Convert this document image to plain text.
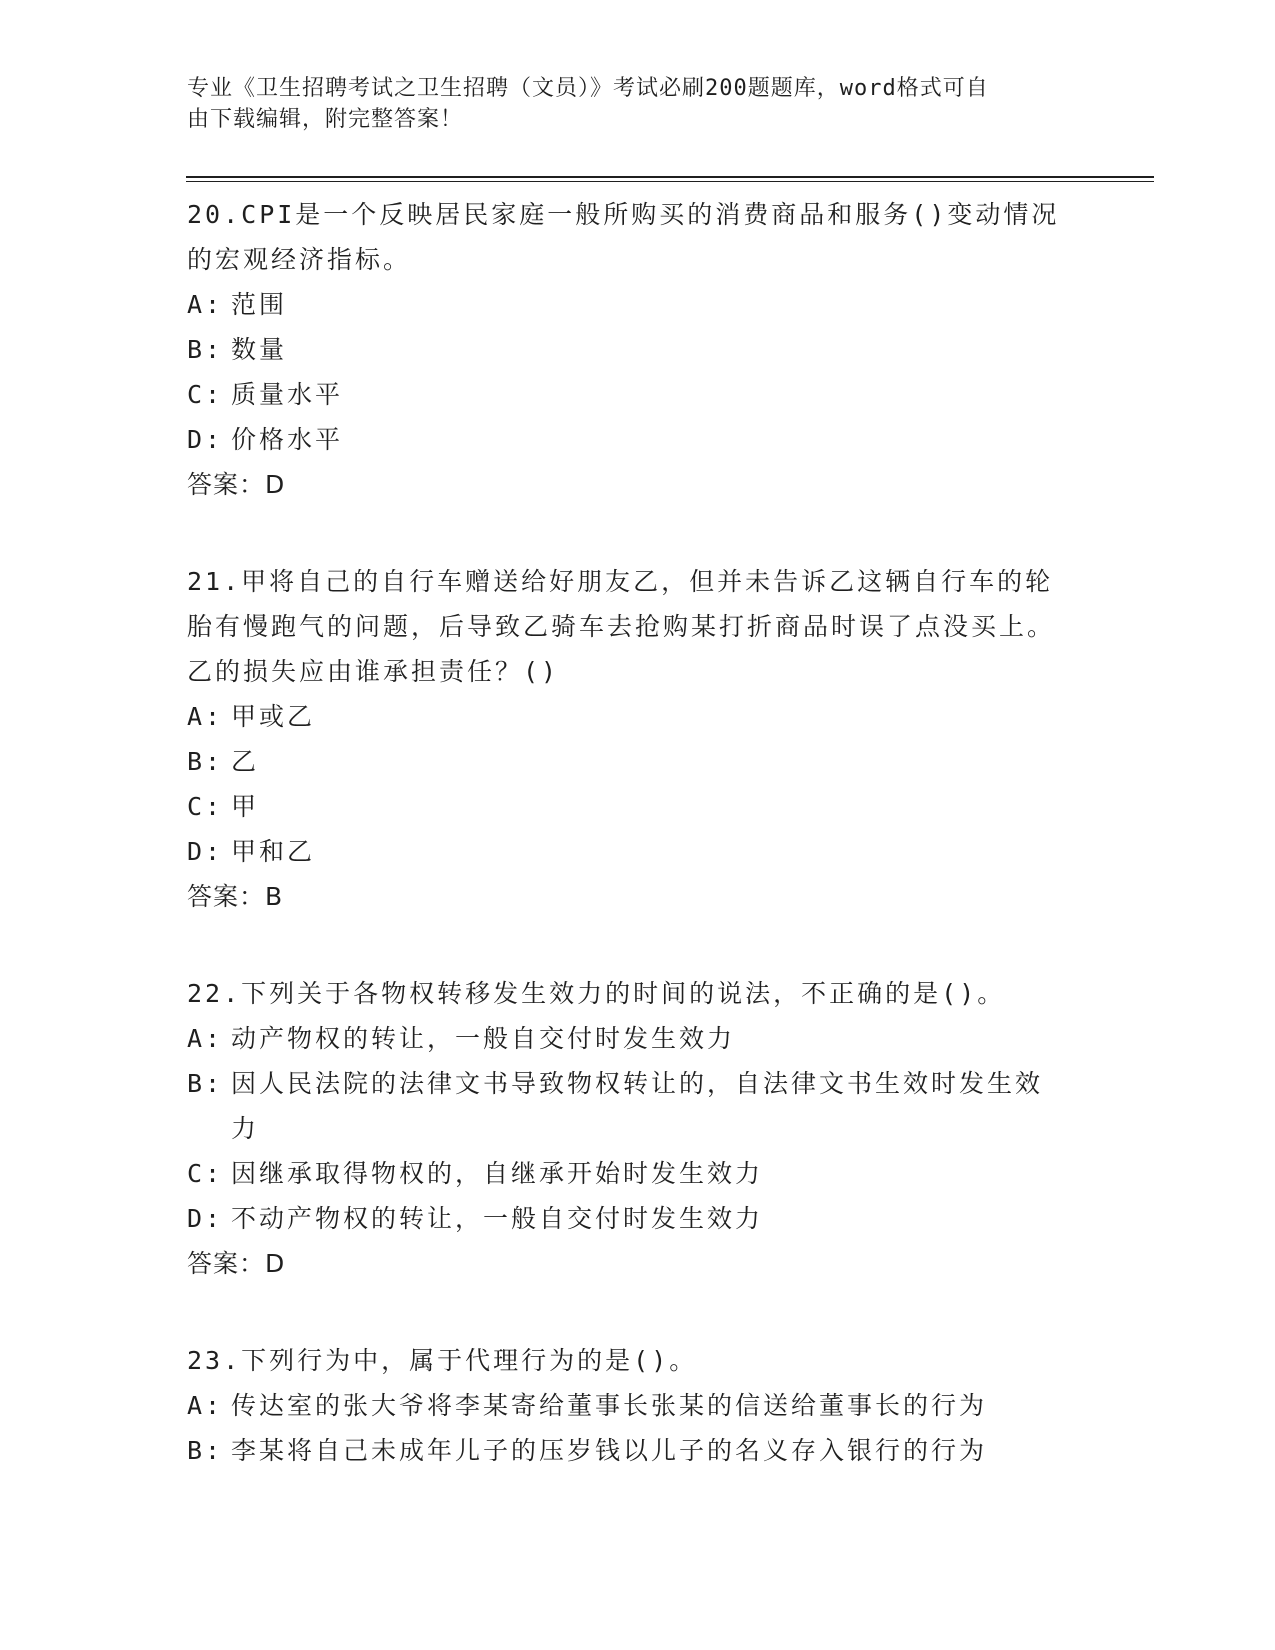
专业《卫生招聘考试之卫生招聘（文员）》考试必刷200题题库，word格式可自
由下载编辑，附完整答案！

20.CPI是一个反映居民家庭一般所购买的消费商品和服务()变动情况的宏观经济指标。

A: 范围
B: 数量
C: 质量水平
D: 价格水平

答案：D

21.甲将自己的自行车赠送给好朋友乙，但并未告诉乙这辆自行车的轮胎有慢跑气的问题，后导致乙骑车去抢购某打折商品时误了点没买上。乙的损失应由谁承担责任？()

A: 甲或乙
B: 乙
C: 甲
D: 甲和乙

答案：B

22.下列关于各物权转移发生效力的时间的说法，不正确的是()。

A: 动产物权的转让，一般自交付时发生效力
B: 因人民法院的法律文书导致物权转让的，自法律文书生效时发生效力
C: 因继承取得物权的，自继承开始时发生效力
D: 不动产物权的转让，一般自交付时发生效力

答案：D

23.下列行为中，属于代理行为的是()。

A: 传达室的张大爷将李某寄给董事长张某的信送给董事长的行为
B: 李某将自己未成年儿子的压岁钱以儿子的名义存入银行的行为
